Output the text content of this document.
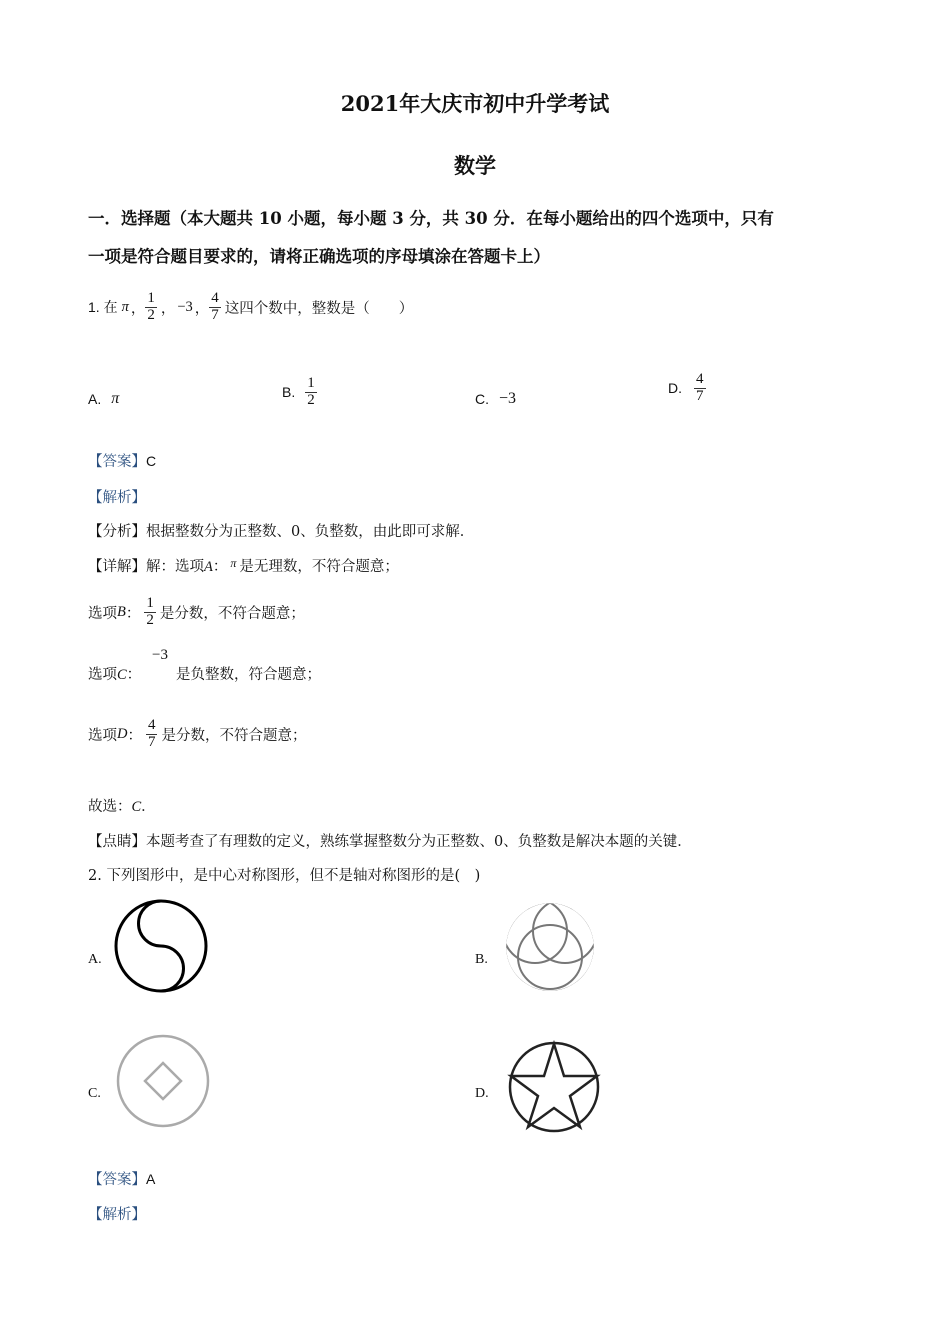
2021年大庆市初中升学考试
数学
一．选择题（本大题共 10 小题，每小题 3 分，共 30 分．在每小题给出的四个选项中，只有
一项是符合题目要求的，请将正确选项的序母填涂在答题卡上）
1. 在 π ， $\frac{1}{2}$ ， −3 ， $\frac{4}{7}$ 这四个数中，整数是（　　）
A. π	B. $\frac{1}{2}$	C. −3
D. $\frac{4}{7}$
【答案】C
【解析】
【分析】根据整数分为正整数、0、负整数，由此即可求解．
【详解】解：选项A： $^\pi$ 是无理数，不符合题意；
选项 B ： $\frac{1}{2}$ 是分数，不符合题意；
选项C：
−3
是负整数，符合题意；
选项 D ： $\frac{4}{7}$ 是分数，不符合题意；
故选：C．
【点睛】本题考查了有理数的定义，熟练掌握整数分为正整数、0、负整数是解决本题的关键．
2. 下列图形中，是中心对称图形，但不是轴对称图形的是(　)
A.	B.
C.	D.
【答案】A
【解析】
